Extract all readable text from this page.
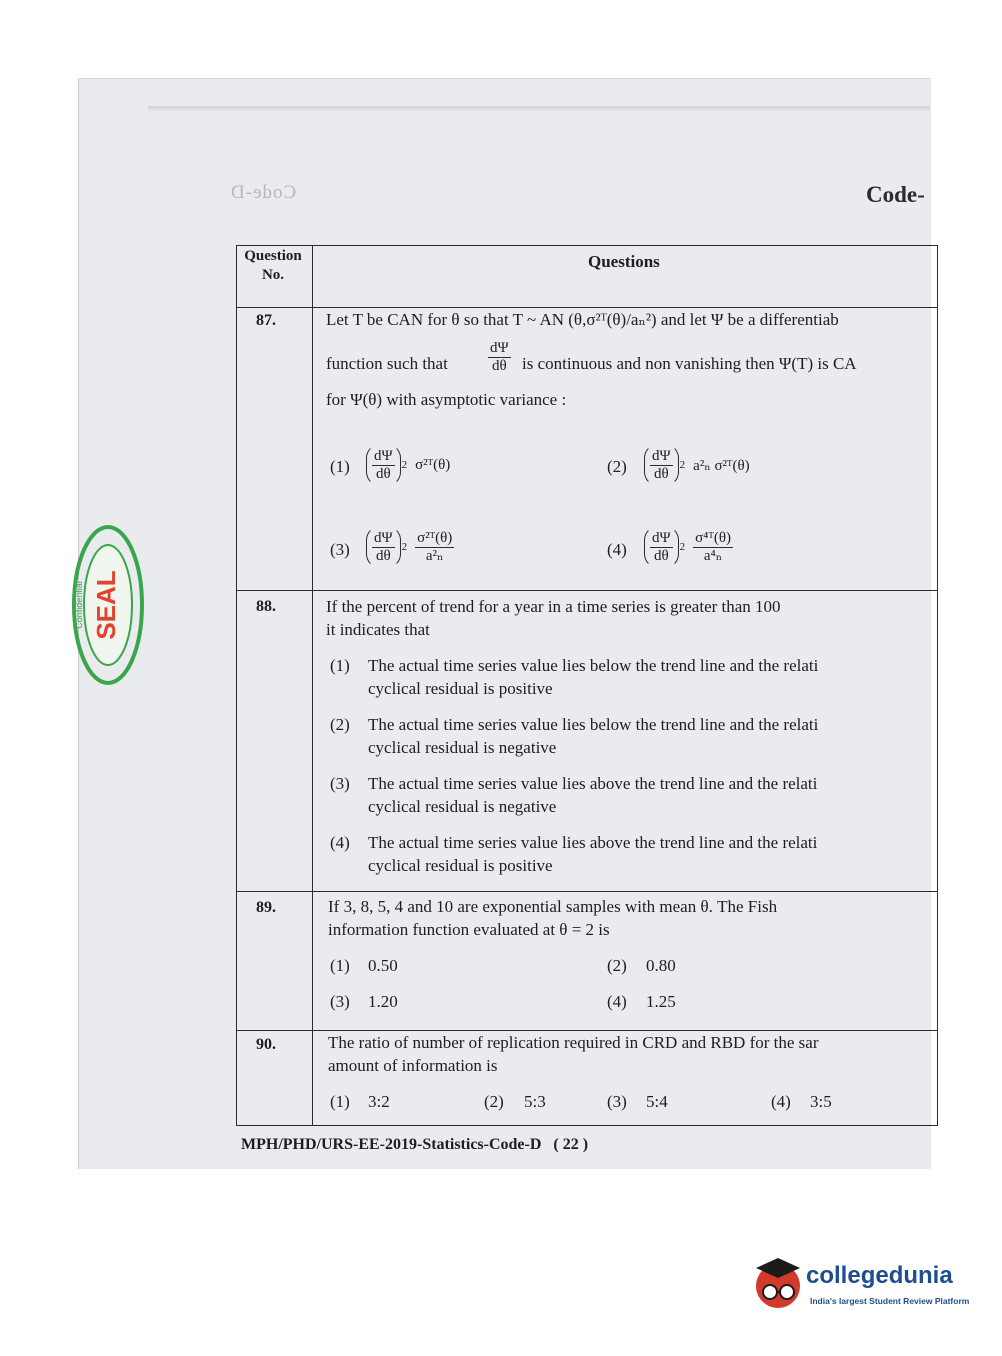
Code-D	Code-
Question No.
Questions
87.	Let T be CAN for θ so that T ~ AN (θ,σ²ᵀ(θ)/aₙ²) and let Ψ be a differentiab
function such that	$\frac{d\Psi}{d\theta}$ is continuous and non vanishing then Ψ(T) is CA
for Ψ(θ) with asymptotic variance :
$(1) \frac{d\Psi}{d\theta} 2$ σ²ᵀ(θ)	$(2) \frac{d\Psi}{d\theta} 2$ a²ₙ σ²ᵀ(θ)
$(3) \frac{d\Psi}{d\theta} 2 \frac{\text{σ²ᵀ(θ)}}{\text{a²ₙ}}$	$(4) \frac{d\Psi}{d\theta} 2 \frac{\text{σ⁴ᵀ(θ)}}{\text{a⁴ₙ}}$
88.	If the percent of trend for a year in a time series is greater than 100
it indicates that
(1) The actual time series value lies below the trend line and the relati
cyclical residual is positive
(2) The actual time series value lies below the trend line and the relati
cyclical residual is negative
(3) The actual time series value lies above the trend line and the relati
cyclical residual is negative
(4) The actual time series value lies above the trend line and the relati
cyclical residual is positive
89.	If 3, 8, 5, 4 and 10 are exponential samples with mean θ. The Fish
information function evaluated at θ = 2 is
(1) 0.50	(2) 0.80
(3) 1.20	(4) 1.25
90.	The ratio of number of replication required in CRD and RBD for the sar
amount of information is
(1) 3:2	(2) 5:3	(3) 5:4	(4) 3:5
MPH/PHD/URS-EE-2019-Statistics-Code-D ( 22 )
SEAL
Confidential
collegedunia
India's largest Student Review Platform
